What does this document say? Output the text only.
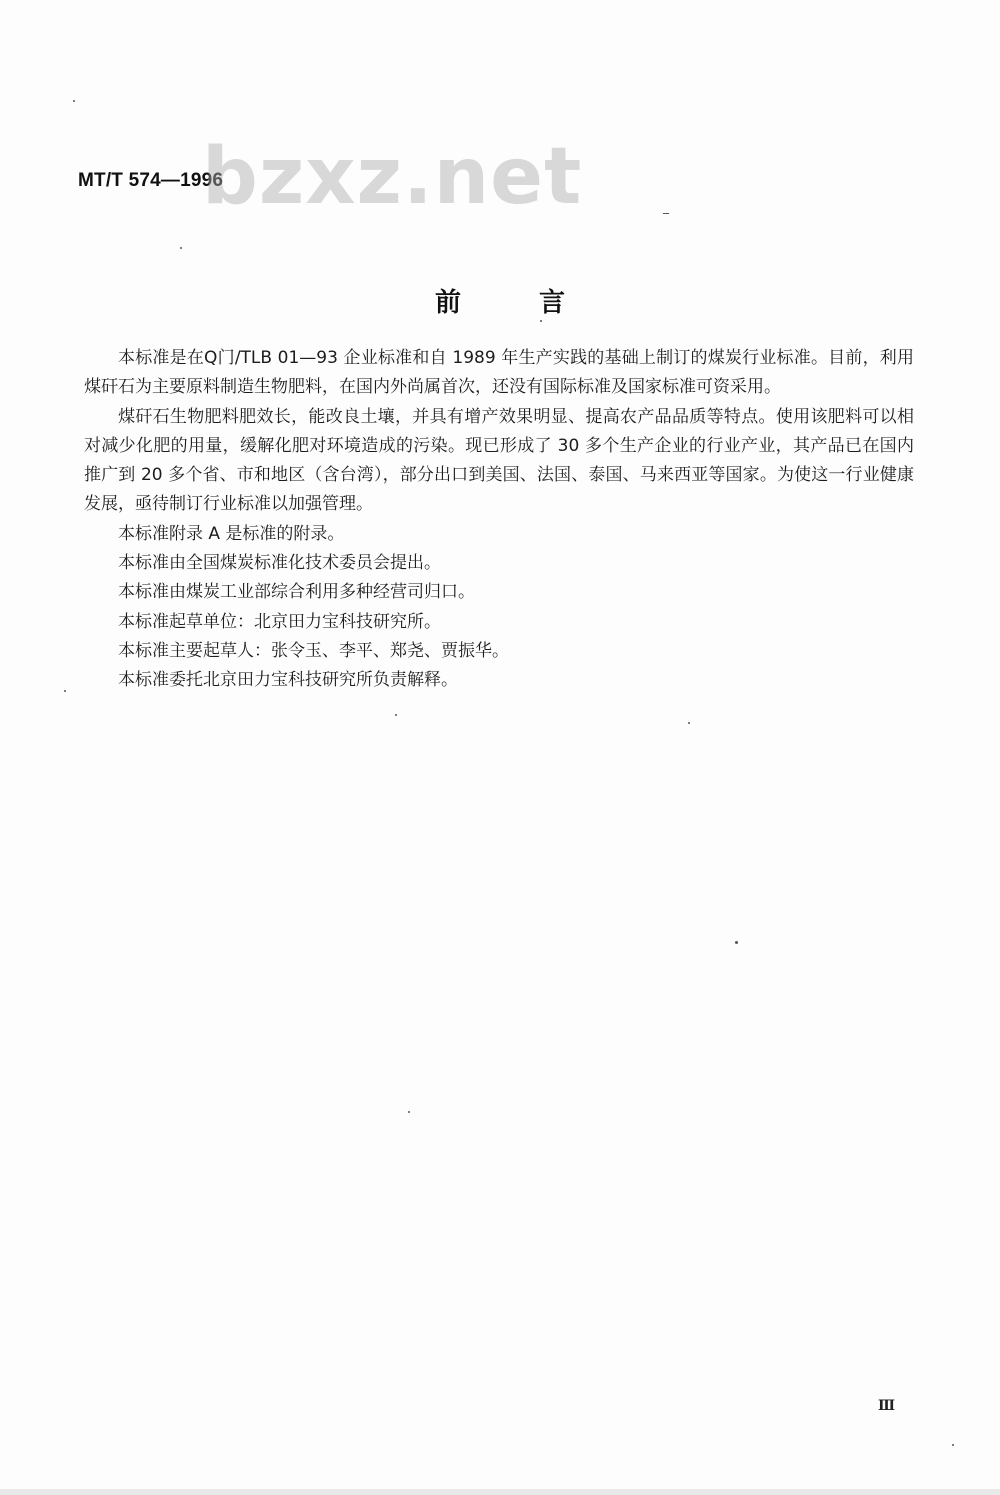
MT/T 574—1996
bzxz.net
前言

本标准是在Q门/TLB 01—93 企业标准和自 1989 年生产实践的基础上制订的煤炭行业标准。目前，利用煤矸石为主要原料制造生物肥料，在国内外尚属首次，还没有国际标准及国家标准可资采用。

煤矸石生物肥料肥效长，能改良土壤，并具有增产效果明显、提高农产品品质等特点。使用该肥料可以相对减少化肥的用量，缓解化肥对环境造成的污染。现已形成了 30 多个生产企业的行业产业，其产品已在国内推广到 20 多个省、市和地区（含台湾），部分出口到美国、法国、泰国、马来西亚等国家。为使这一行业健康发展，亟待制订行业标准以加强管理。

本标准附录 A 是标准的附录。

本标准由全国煤炭标准化技术委员会提出。

本标准由煤炭工业部综合利用多种经营司归口。

本标准起草单位：北京田力宝科技研究所。

本标准主要起草人：张令玉、李平、郑尧、贾振华。

本标准委托北京田力宝科技研究所负责解释。

Ⅲ
